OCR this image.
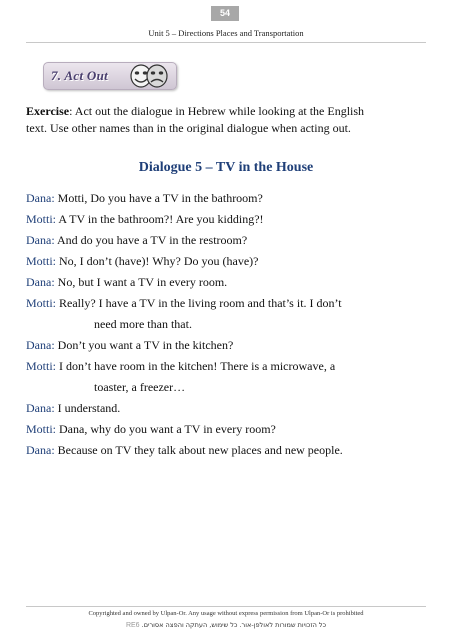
54
Unit 5 – Directions Places and Transportation
7. Act Out
Exercise: Act out the dialogue in Hebrew while looking at the English text. Use other names than in the original dialogue when acting out.
Dialogue 5 – TV in the House
Dana: Motti, Do you have a TV in the bathroom?
Motti: A TV in the bathroom?! Are you kidding?!
Dana: And do you have a TV in the restroom?
Motti: No, I don’t (have)! Why? Do you (have)?
Dana: No, but I want a TV in every room.
Motti: Really? I have a TV in the living room and that’s it. I don’t
need more than that.
Dana: Don’t you want a TV in the kitchen?
Motti: I don’t have room in the kitchen! There is a microwave, a
toaster, a freezer…
Dana: I understand.
Motti: Dana, why do you want a TV in every room?
Dana: Because on TV they talk about new places and new people.
Copyrighted and owned by Ulpan-Or. Any usage without express permission from Ulpan-Or is prohibited
RE6 כל הזכויות שמורות לאולפן-אור. כל שימוש, העתקה והפצה אסורים.
